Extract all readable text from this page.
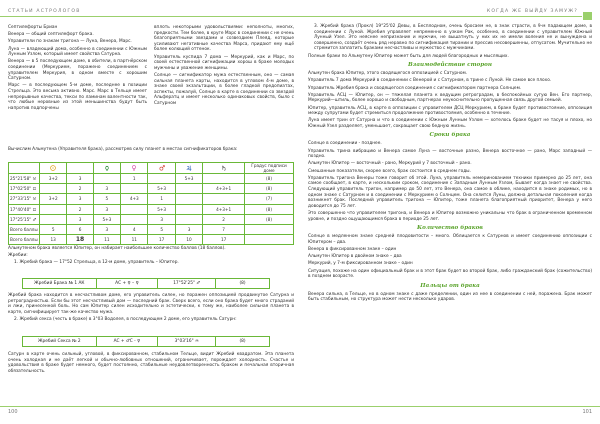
СТАТЬИ АСТРОЛОГОВ

Септилефорты Бриан

Венера — общий септилефорт брака.

Управители по знакам тригона — Луна, Венера, Марс.

Луна — владеющий дома, особенно в соединении с Южным Лунным Узлом, который имеет свойства Сатурна.

Венера — в 5 последующем доме, в обители, в партнёрском соединении (Меркурием, поражено соединением с управителем Меркурия, в одном вместе с хорошим Сатурном.

Марс — в последующем 5-м доме, последнее в позиции Стрельца. Это весьма активно. Марс. Марс в Тельце имеет непрерывные качества, текси по ламинам валентности так, что любые неровные из этой меньшинства будут быть напротив подпорчены

вплоть некоторыми удовольствиями: неполноты, многих, предкости. Тем более, в круге Марс в соединении с не очень благоприятными звездами и созвездием Плеяд, которые усиливают негативные качества Марса, придают ему ещё более колющий оттенок.

Управитель куспида 7 дома — Меркурий, как и Марс, по своей естественной сигнификации хорош в браке молодых мужчины и уважение женщины.

Солнце — сигнификатор мужа естественным, оно — самая сильная планета карты, находится в угловом 4-м доме, в знаке своей экзальтации, в более гладкой предопиатах, аспекты, пожалуй, Солнце в карте в соединении со звездой Альфератц и имеет несколько одинаковых свойств, было с Сатурном

Вычислим Альмутена (Управителя брака), рассмотрев силу планет в местах сигнификаторов брака:

								Градус подписи доме
25°21'58" ♉	3+2	3		1		5+3		(8)
17°02'50" ♊		2	3		5+3		4+3+1	(8)
27°33'15" ♉	3+2	3	5	4+3	1			(7)
17°40'40" ♊		2	3		5+3		4+3+1	(8)
17°25'15" ♐		3	5+3		3		2	(8)
Всего баллы	5	6	3	4	5	3	7	
Всего баллы	13	18	11	11	17	10	17	

Альмутеном брака является Юпитер, он набирает наибольшее количество баллов (18 баллов).

Жребии:

1. Жребий брака — 17°52 Стрельца, в 12-м доме, управитель – Юпитер.

Жребий Брака № 1 АК	АС + ♀ – ♀	17°52'25" ♐	(8)

Жребий брака находится в несчастливом доме, его управитель силен, но поражен оппозицией продвинутое Сатурна и ретроградностью. Если бы этот несчастливый дом — последний брак. Сверх всего, если оно брака будет много страданий и лжи, принесенной боль. Но сам Юпитер силен исходительно и эстетически, к тому же, наиболее сильная планета в карте, сигнифицирует так-же качество мужа.

2. Жребий секса (честь в браке) в 3°03 Водолея, в последующем 2 доме, его управитель Сатурн:

Жребий Секса № 2	АС + ♂С - ♀	3°03'16" ♒	(8)

Сатурн в карте очень сильный, угловой, в фиксированном, стабильном Тельце, видит Жребий квадратом. Эта планета очень холодная и не даёт легкой и обычно-любовных отношений, ограничивает, порождает холодность. Счастье и удовольствия в браке будет немного, будет постоянно, стабильные неудовлетворенность браком и печальная вторичная обязательность.

100
КОГДА ЖЕ ВЫЙДУ ЗАМУЖ?

3. Жребий брака (Прокл) 19°25'02 Девы, в Бесплодном, очень бросаем не, в знак страсти, в 9-м падающем доме, в соединении с Луной. Жребия управляет непременно в узком Рак, особенно, в соединении с управителем Южный Лунный Узел. Это неяснее непризнание и мужчин, не вышатнуть у них их не имели воления не и вынуждена и совершенно, создаёт очень ряд неравно по сигнификация тирании и прессив несовершенны, отпусатом. Мучительно не стремится заплатить браками несчастливы и мужество с мужчинами.

Полные браки по Альмутену Юпитер может быть для людей благородных и мыслящих.

Взаимодействие сторон

Альмутен брака Юпитер, этого сводящегося оппозицией с Сатурном.

Управитель 7 дома Меркурий в соединении с Венерой и с Сатурном, в трине с Луной. Не самое все плохо.

Управитель Жребия брака и сводящегося соединения с сигнификатором партнера Солнцем.

Управитель АСЦ — Юпитер, он — тяжелая планета к ведущим ретроградам, в беспокойных сугую Вен. Его партнер, Меркурий—штиль, более хорошо и свободным, партнерах неукоснительно пропущенная связь другой семьей.

Юпитер, управитель АСЦ, в карте в оппозиции с управителем ДСЦ Меркурием, в браке будет противостояние, оппозиция между супругами будет стремиться продолжение противостояния, особенно в течение.

Луна имеет трин от Сатурна и что в соединении с Южным Лунным Узлом — хотелось браке будет не тасуя и плохо, но Южный Узел разделяет, уменьшает, сокращает свою бедную жизнь.

Сроки брака

Солнце в соединении - позднее.

Управитель трина вибрацию и Венера самое Луна — восточные разно, Венера восточное — рано, Марс западный — поздно.

Альмутен Юпитер — восточный - рано, Меркурий у 7 восточный – рано.

Смешанные показатели, скорее всего, брак состоится в среднем годы.

Управитель тригона Венеры тоже говорит об этой. Луна, управитель немеринованием техники примерно до 25 лет, она самое сообщает, в карте, и нескольким сроком, соединение с Западным Лунным Узлом, Бывает когда знает не свойства. Следующий управитель тригон, например до 50 лет, это Венера, она самое в облике, находится в знаке родимых, но в одном знаке с Сатурном и в соединении с Меркурием о Солнцем. Она селится Луны, должна детальная поколения когда возникнет брак. Последний управитель тригона — Юпитер, тоже планета благоприятный приоритет, Венера у него доводится до 75 лет.

Это совершенно что управителем тригона, и Венера и Юпитер возможно уникальны что брак в ограниченном временном уровне, и поздно ощущающимся брака в периоде 25 лет.

Количество браков

Солнце в медленном знаке средней плодовитости – много. Облицается к Сатурнов и имеет соединению оппозиции с Юпитером – два.

Венера в фиксированном знаке – один

Альмутен Юпитер в двойном знаке – два

Меркурий, у 7-м фиксированном знаке – один

Ситуация, похоже на один официальный брак и в этот брак будет во второй брак, либо гражданский брак (сожительство) в позднем возрасте.

Пальцы от брака

Венера сильна, в Тельце, но в одном знаке с даже пределении, один из нее в соединении с ней, поражена. Брак может быть стабильным, но структура может нести несколько ударов.

101
